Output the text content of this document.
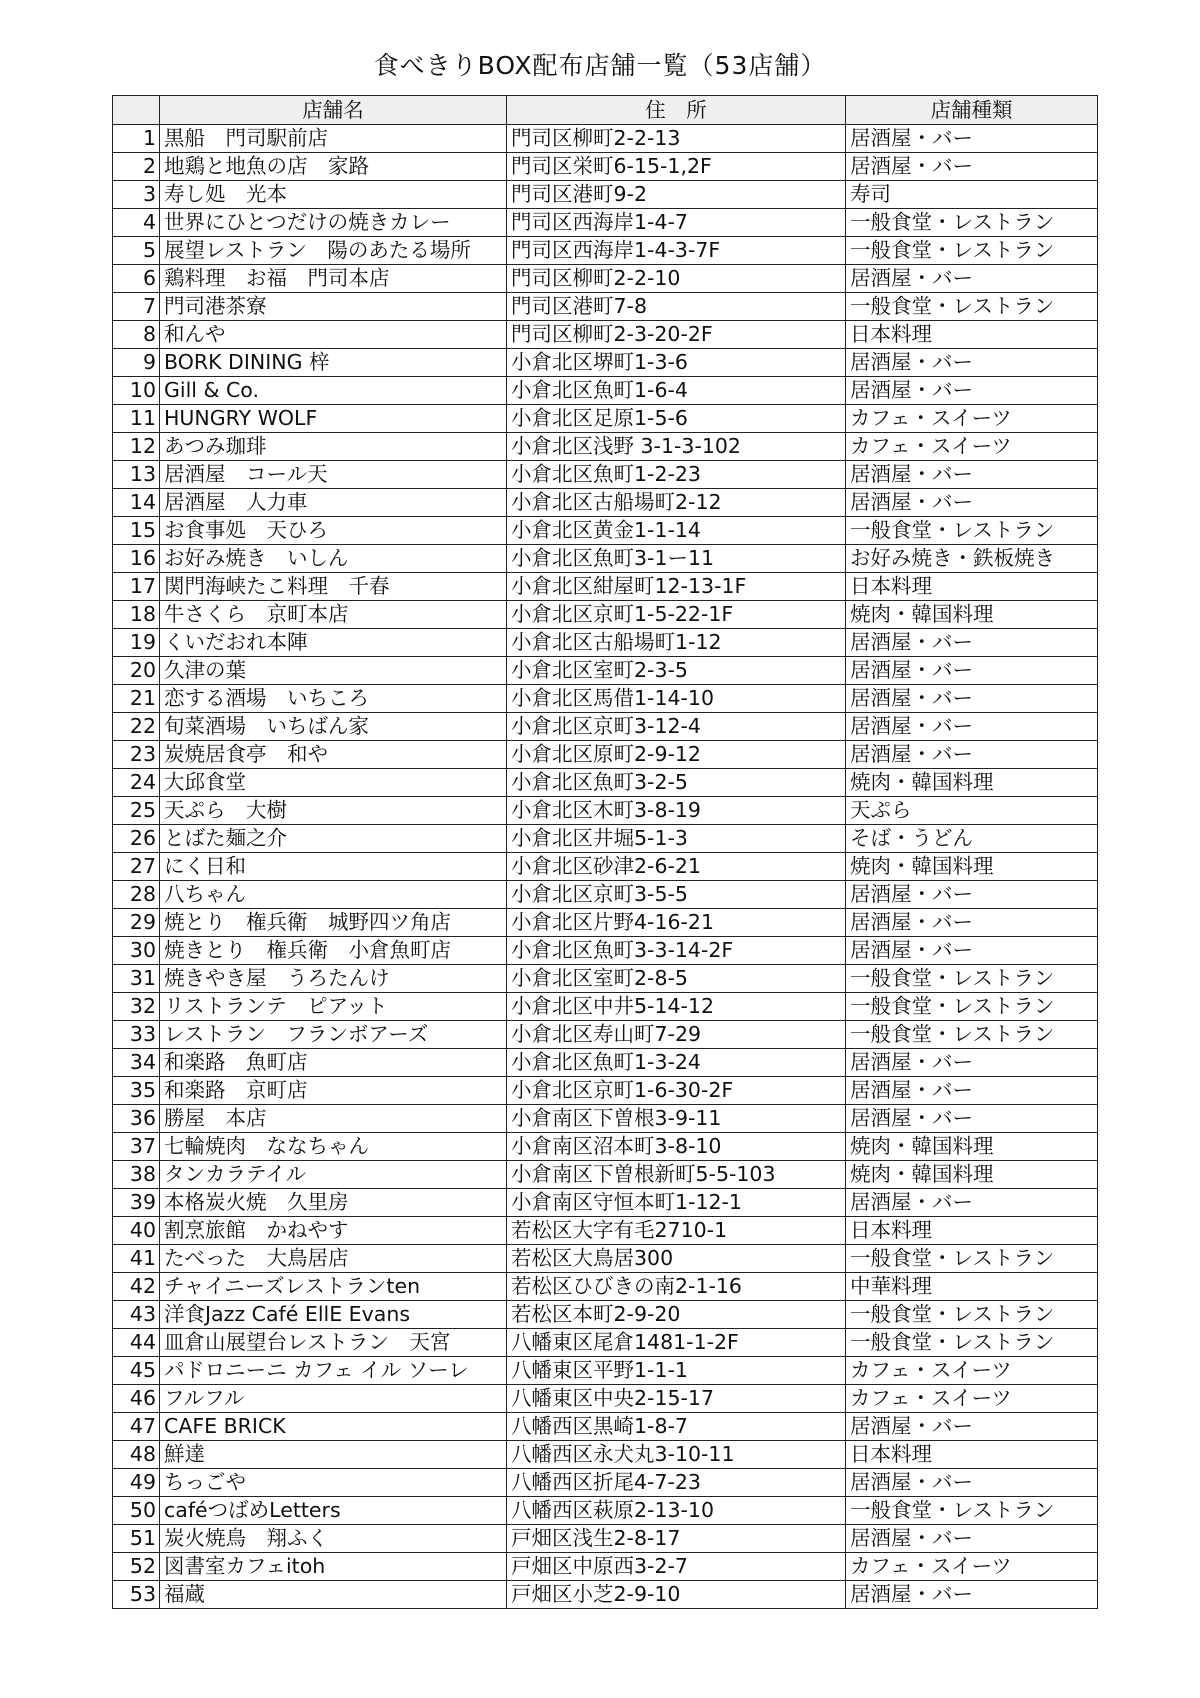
食べきりBOX配布店舗一覧（53店舗）
	店舗名	住　所	店舗種類
1	黒船　門司駅前店	門司区柳町2-2-13	居酒屋・バー
2	地鶏と地魚の店　家路	門司区栄町6-15-1,2F	居酒屋・バー
3	寿し処　光本	門司区港町9-2	寿司
4	世界にひとつだけの焼きカレー	門司区西海岸1-4-7	一般食堂・レストラン
5	展望レストラン　陽のあたる場所	門司区西海岸1-4-3-7F	一般食堂・レストラン
6	鶏料理　お福　門司本店	門司区柳町2-2-10	居酒屋・バー
7	門司港茶寮	門司区港町7-8	一般食堂・レストラン
8	和んや	門司区柳町2-3-20-2F	日本料理
9	BORK DINING 梓	小倉北区堺町1-3-6	居酒屋・バー
10	Gill & Co.	小倉北区魚町1-6-4	居酒屋・バー
11	HUNGRY WOLF	小倉北区足原1-5-6	カフェ・スイーツ
12	あつみ珈琲	小倉北区浅野 3-1-3-102	カフェ・スイーツ
13	居酒屋　コール天	小倉北区魚町1-2-23	居酒屋・バー
14	居酒屋　人力車	小倉北区古船場町2-12	居酒屋・バー
15	お食事処　天ひろ	小倉北区黄金1-1-14	一般食堂・レストラン
16	お好み焼き　いしん	小倉北区魚町3-1ー11	お好み焼き・鉄板焼き
17	関門海峡たこ料理　千春	小倉北区紺屋町12-13-1F	日本料理
18	牛さくら　京町本店	小倉北区京町1-5-22-1F	焼肉・韓国料理
19	くいだおれ本陣	小倉北区古船場町1-12	居酒屋・バー
20	久津の葉	小倉北区室町2-3-5	居酒屋・バー
21	恋する酒場　いちころ	小倉北区馬借1-14-10	居酒屋・バー
22	旬菜酒場　いちばん家	小倉北区京町3-12-4	居酒屋・バー
23	炭焼居食亭　和や	小倉北区原町2-9-12	居酒屋・バー
24	大邱食堂	小倉北区魚町3-2-5	焼肉・韓国料理
25	天ぷら　大樹	小倉北区木町3-8-19	天ぷら
26	とばた麺之介	小倉北区井堀5-1-3	そば・うどん
27	にく日和	小倉北区砂津2-6-21	焼肉・韓国料理
28	八ちゃん	小倉北区京町3-5-5	居酒屋・バー
29	焼とり　権兵衛　城野四ツ角店	小倉北区片野4-16-21	居酒屋・バー
30	焼きとり　権兵衛　小倉魚町店	小倉北区魚町3-3-14-2F	居酒屋・バー
31	焼きやき屋　うろたんけ	小倉北区室町2-8-5	一般食堂・レストラン
32	リストランテ　ピアット	小倉北区中井5-14-12	一般食堂・レストラン
33	レストラン　フランボアーズ	小倉北区寿山町7-29	一般食堂・レストラン
34	和楽路　魚町店	小倉北区魚町1-3-24	居酒屋・バー
35	和楽路　京町店	小倉北区京町1-6-30-2F	居酒屋・バー
36	勝屋　本店	小倉南区下曽根3-9-11	居酒屋・バー
37	七輪焼肉　ななちゃん	小倉南区沼本町3-8-10	焼肉・韓国料理
38	タンカラテイル	小倉南区下曽根新町5-5-103	焼肉・韓国料理
39	本格炭火焼　久里房	小倉南区守恒本町1-12-1	居酒屋・バー
40	割烹旅館　かねやす	若松区大字有毛2710-1	日本料理
41	たべった　大鳥居店	若松区大鳥居300	一般食堂・レストラン
42	チャイニーズレストランten	若松区ひびきの南2-1-16	中華料理
43	洋食Jazz Café EllE Evans	若松区本町2-9-20	一般食堂・レストラン
44	皿倉山展望台レストラン　天宮	八幡東区尾倉1481-1-2F	一般食堂・レストラン
45	パドロニーニ カフェ イル ソーレ	八幡東区平野1-1-1	カフェ・スイーツ
46	フルフル	八幡東区中央2-15-17	カフェ・スイーツ
47	CAFE BRICK	八幡西区黒崎1-8-7	居酒屋・バー
48	鮮達	八幡西区永犬丸3-10-11	日本料理
49	ちっごや	八幡西区折尾4-7-23	居酒屋・バー
50	caféつばめLetters	八幡西区萩原2-13-10	一般食堂・レストラン
51	炭火焼鳥　翔ふく	戸畑区浅生2-8-17	居酒屋・バー
52	図書室カフェitoh	戸畑区中原西3-2-7	カフェ・スイーツ
53	福蔵	戸畑区小芝2-9-10	居酒屋・バー
